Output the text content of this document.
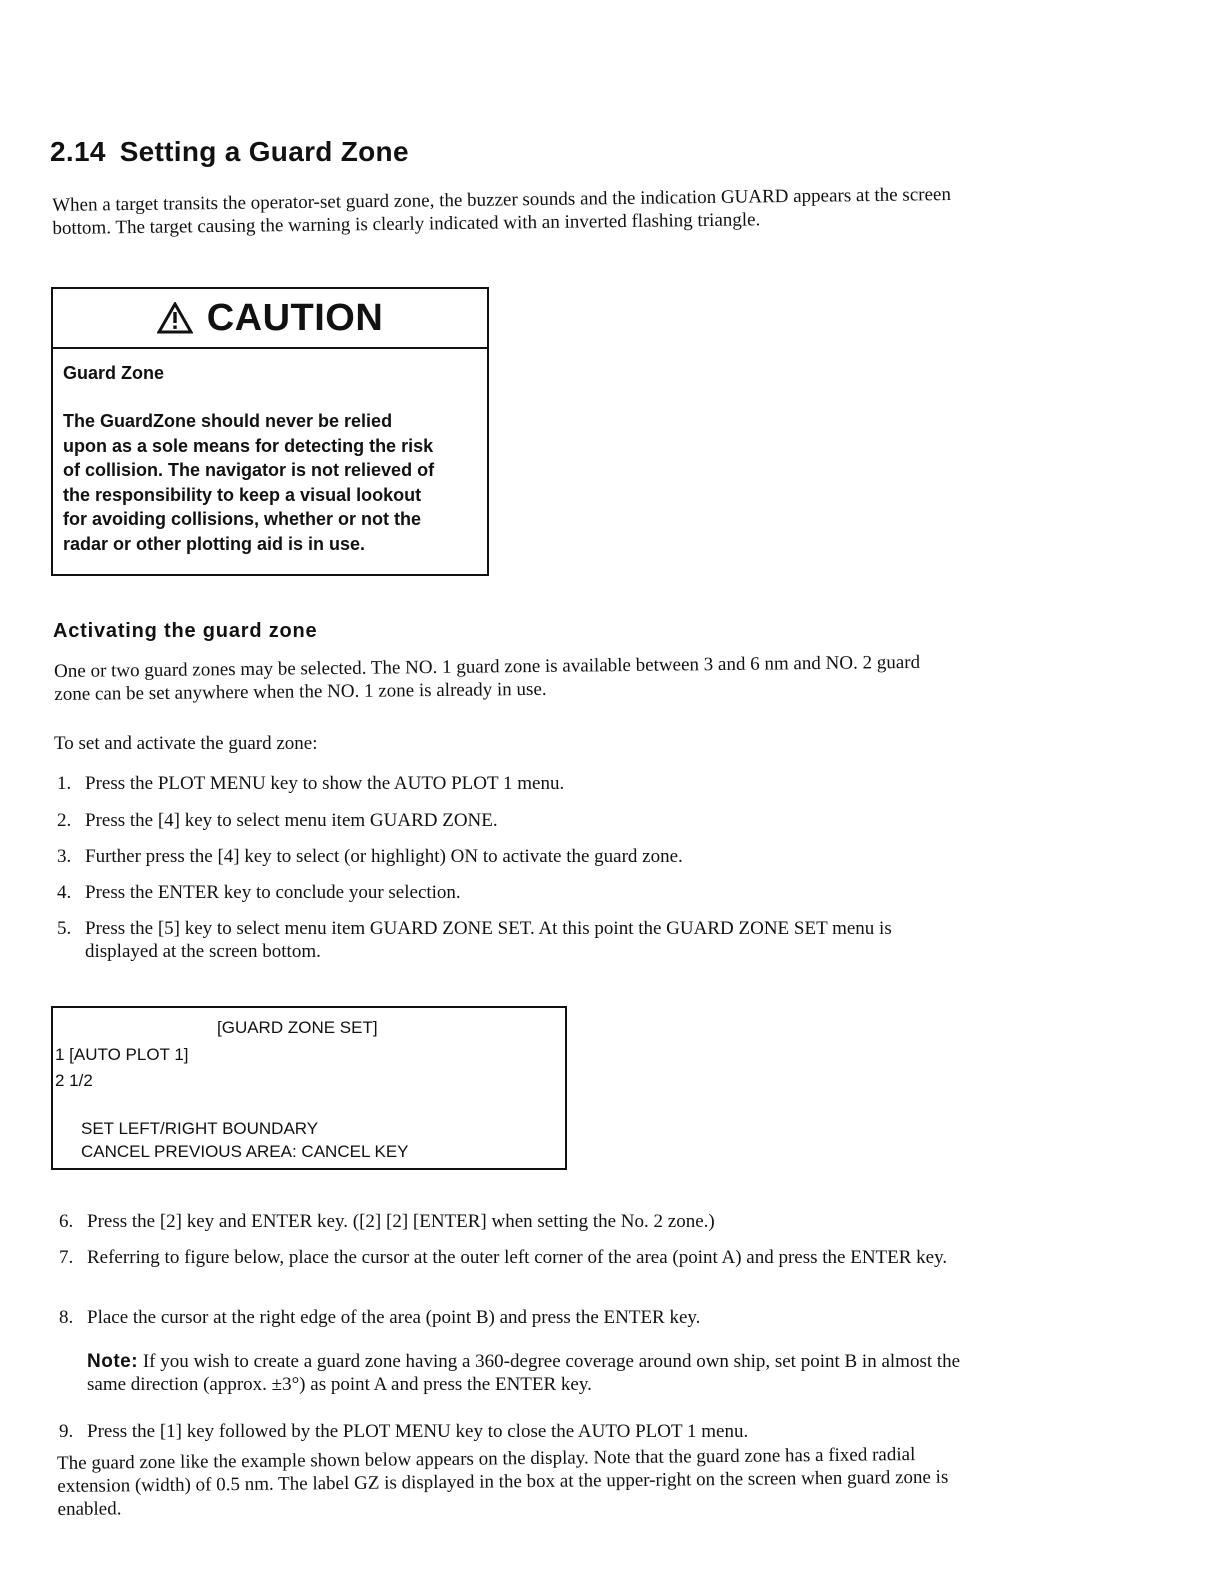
2.14 Setting a Guard Zone

When a target transits the operator-set guard zone, the buzzer sounds and the indication GUARD appears at the screen bottom. The target causing the warning is clearly indicated with an inverted flashing triangle.

CAUTION
Guard Zone
The GuardZone should never be relied
upon as a sole means for detecting the risk
of collision. The navigator is not relieved of
the responsibility to keep a visual lookout
for avoiding collisions, whether or not the
radar or other plotting aid is in use.
Activating the guard zone

One or two guard zones may be selected. The NO. 1 guard zone is available between 3 and 6 nm and NO. 2 guard zone can be set anywhere when the NO. 1 zone is already in use.

To set and activate the guard zone:

1. Press the PLOT MENU key to show the AUTO PLOT 1 menu.
2. Press the [4] key to select menu item GUARD ZONE.
3. Further press the [4] key to select (or highlight) ON to activate the guard zone.
4. Press the ENTER key to conclude your selection.
5. Press the [5] key to select menu item GUARD ZONE SET. At this point the GUARD ZONE SET menu is displayed at the screen bottom.
[GUARD ZONE SET]
1 [AUTO PLOT 1]
2 1/2
SET LEFT/RIGHT BOUNDARY
CANCEL PREVIOUS AREA: CANCEL KEY
6. Press the [2] key and ENTER key. ([2] [2] [ENTER] when setting the No. 2 zone.)
7. Referring to figure below, place the cursor at the outer left corner of the area (point A) and press the ENTER key.
8. Place the cursor at the right edge of the area (point B) and press the ENTER key.

Note: If you wish to create a guard zone having a 360-degree coverage around own ship, set point B in almost the same direction (approx. ±3°) as point A and press the ENTER key.

9. Press the [1] key followed by the PLOT MENU key to close the AUTO PLOT 1 menu.

The guard zone like the example shown below appears on the display. Note that the guard zone has a fixed radial extension (width) of 0.5 nm. The label GZ is displayed in the box at the upper-right on the screen when guard zone is enabled.
